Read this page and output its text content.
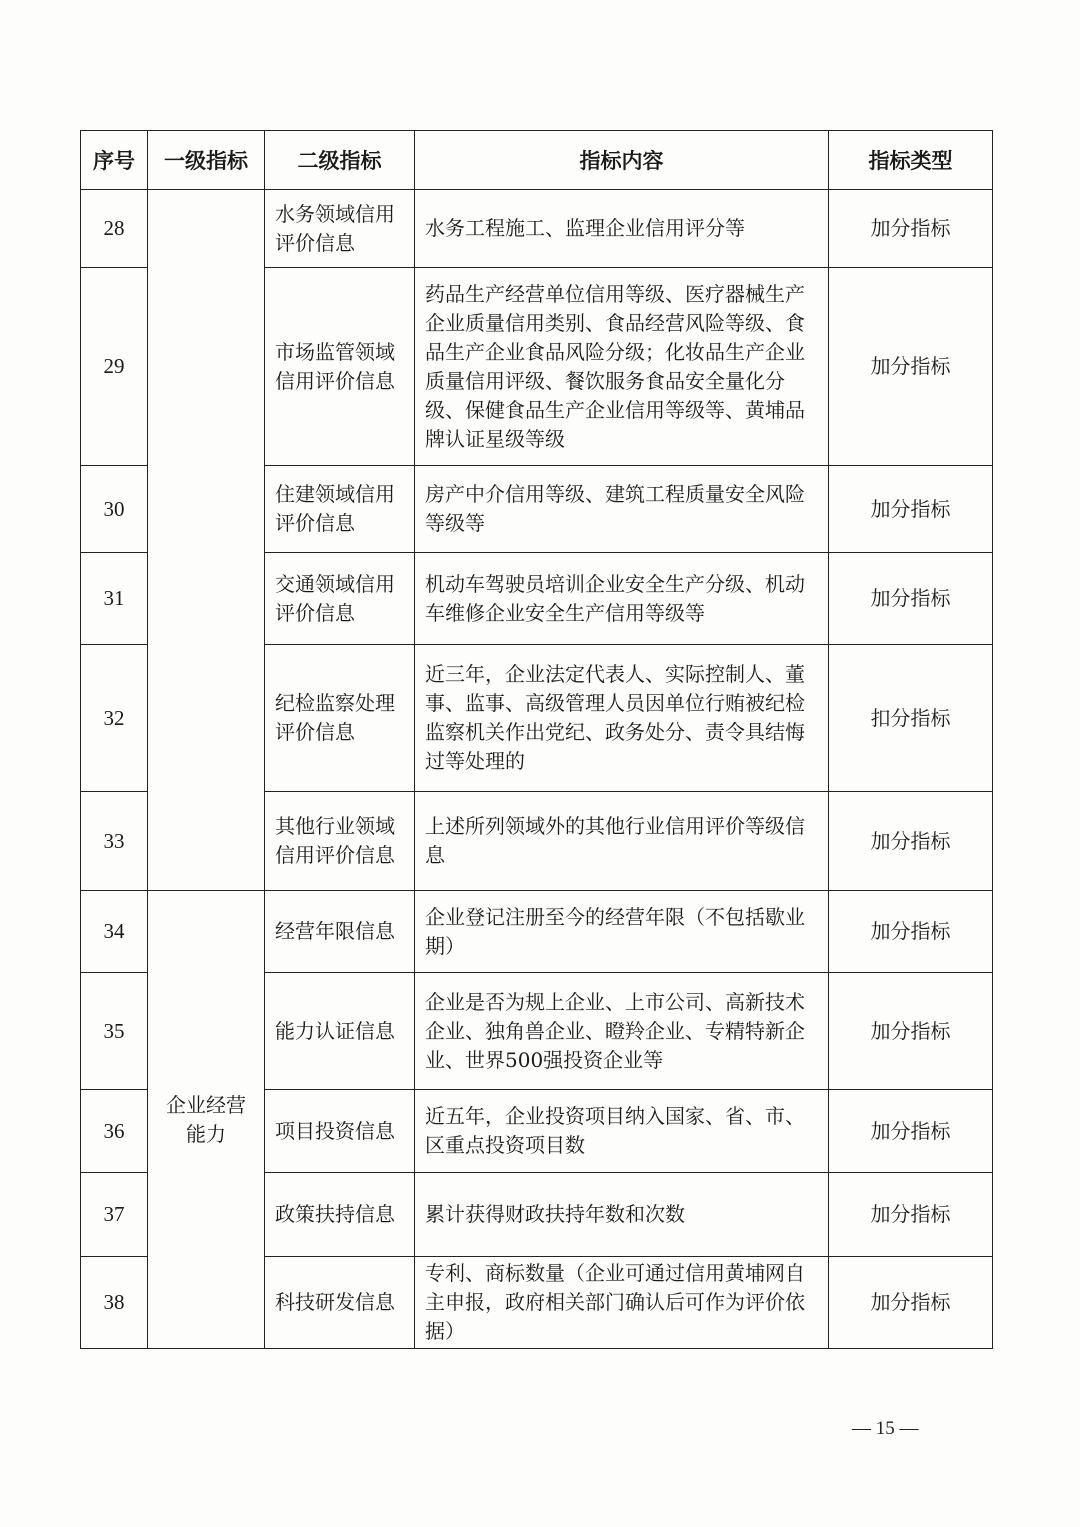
序号	一级指标	二级指标	指标内容	指标类型
28		水务领域信用评价信息	水务工程施工、监理企业信用评分等	加分指标
29		市场监管领域信用评价信息	药品生产经营单位信用等级、医疗器械生产企业质量信用类别、食品经营风险等级、食品生产企业食品风险分级；化妆品生产企业质量信用评级、餐饮服务食品安全量化分级、保健食品生产企业信用等级等、黄埔品牌认证星级等级	加分指标
30		住建领域信用评价信息	房产中介信用等级、建筑工程质量安全风险等级等	加分指标
31		交通领域信用评价信息	机动车驾驶员培训企业安全生产分级、机动车维修企业安全生产信用等级等	加分指标
32		纪检监察处理评价信息	近三年，企业法定代表人、实际控制人、董事、监事、高级管理人员因单位行贿被纪检监察机关作出党纪、政务处分、责令具结悔过等处理的	扣分指标
33		其他行业领域信用评价信息	上述所列领域外的其他行业信用评价等级信息	加分指标
34	企业经营能力	经营年限信息	企业登记注册至今的经营年限（不包括歇业期）	加分指标
35		能力认证信息	企业是否为规上企业、上市公司、高新技术企业、独角兽企业、瞪羚企业、专精特新企业、世界500强投资企业等	加分指标
36		项目投资信息	近五年，企业投资项目纳入国家、省、市、区重点投资项目数	加分指标
37		政策扶持信息	累计获得财政扶持年数和次数	加分指标
38		科技研发信息	专利、商标数量（企业可通过信用黄埔网自主申报，政府相关部门确认后可作为评价依据）	加分指标
— 15 —
